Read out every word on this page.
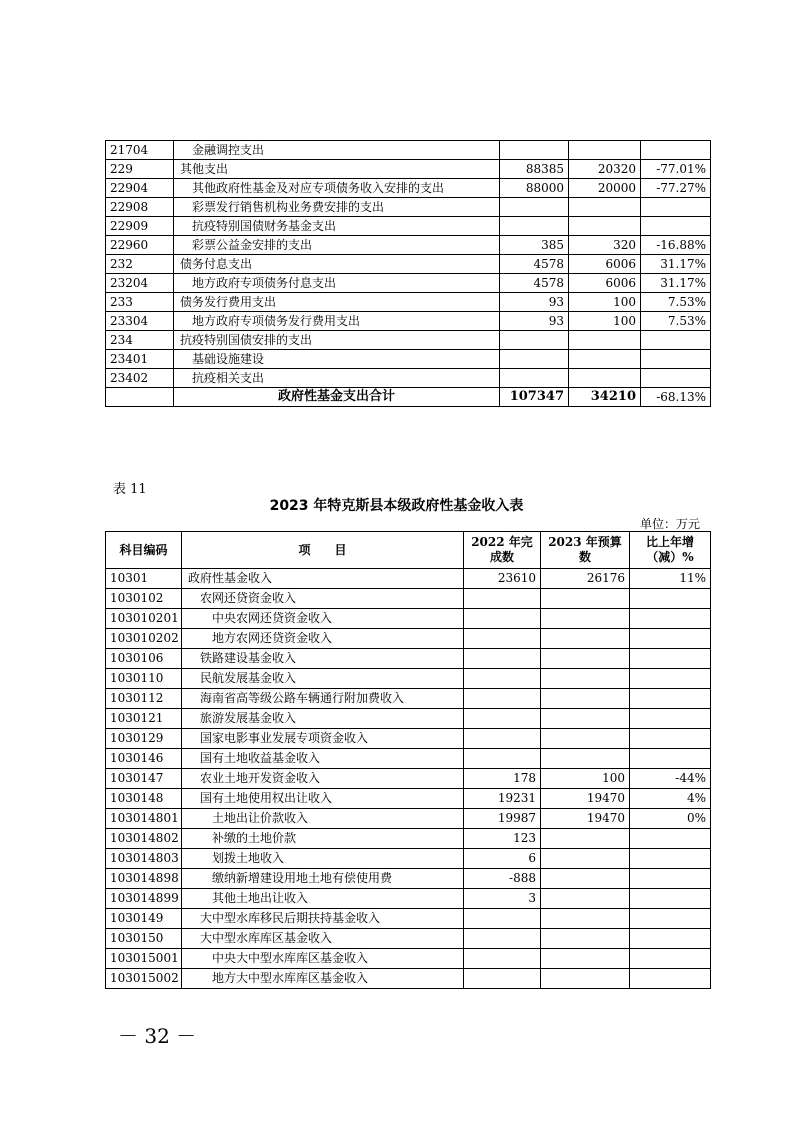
21704	金融调控支出			
229	其他支出	88385	20320	-77.01%
22904	其他政府性基金及对应专项债务收入安排的支出	88000	20000	-77.27%
22908	彩票发行销售机构业务费安排的支出			
22909	抗疫特别国债财务基金支出			
22960	彩票公益金安排的支出	385	320	-16.88%
232	债务付息支出	4578	6006	31.17%
23204	地方政府专项债务付息支出	4578	6006	31.17%
233	债务发行费用支出	93	100	7.53%
23304	地方政府专项债务发行费用支出	93	100	7.53%
234	抗疫特别国债安排的支出			
23401	基础设施建设			
23402	抗疫相关支出			
	政府性基金支出合计	107347	34210	-68.13%
表 11
2023 年特克斯县本级政府性基金收入表
单位：万元
科目编码	项　　目	2022 年完成数	2023 年预算数	比上年增（减）%
10301	政府性基金收入	23610	26176	11%
1030102	农网还贷资金收入			
103010201	中央农网还贷资金收入			
103010202	地方农网还贷资金收入			
1030106	铁路建设基金收入			
1030110	民航发展基金收入			
1030112	海南省高等级公路车辆通行附加费收入			
1030121	旅游发展基金收入			
1030129	国家电影事业发展专项资金收入			
1030146	国有土地收益基金收入			
1030147	农业土地开发资金收入	178	100	-44%
1030148	国有土地使用权出让收入	19231	19470	4%
103014801	土地出让价款收入	19987	19470	0%
103014802	补缴的土地价款	123		
103014803	划拨土地收入	6		
103014898	缴纳新增建设用地土地有偿使用费	-888		
103014899	其他土地出让收入	3		
1030149	大中型水库移民后期扶持基金收入			
1030150	大中型水库库区基金收入			
103015001	中央大中型水库库区基金收入			
103015002	地方大中型水库库区基金收入			
－ 32 －
